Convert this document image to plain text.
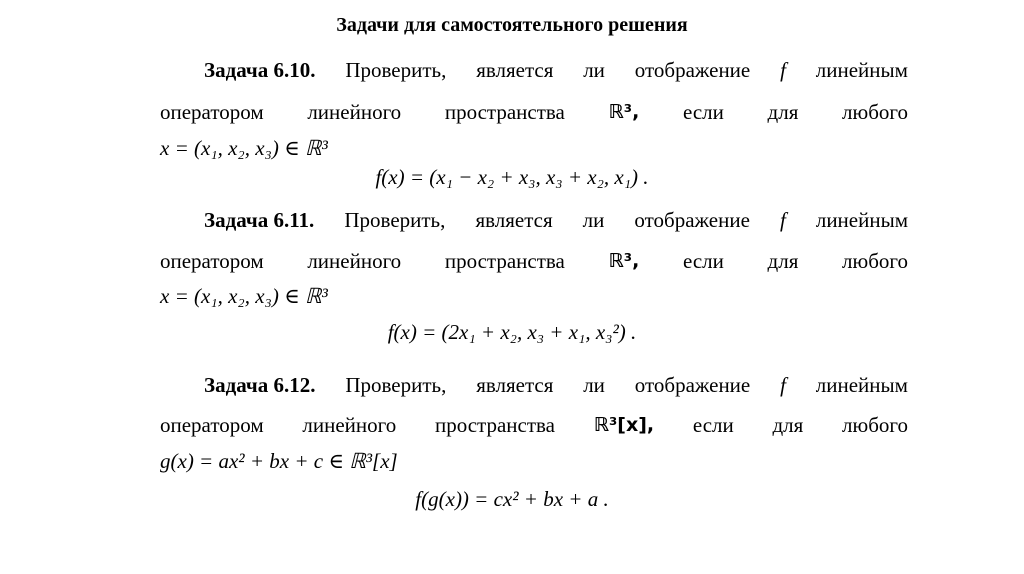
Задачи для самостоятельного решения
Задача 6.10. Проверить, является ли отображение f линейным
оператором линейного пространства ℝ³, если для любого
x = (x₁, x₂, x₃) ∈ ℝ³
f(x) = (x₁ − x₂ + x₃, x₃ + x₂, x₁) .
Задача 6.11. Проверить, является ли отображение f линейным
оператором линейного пространства ℝ³, если для любого
x = (x₁, x₂, x₃) ∈ ℝ³
f(x) = (2x₁ + x₂, x₃ + x₁, x₃²) .
Задача 6.12. Проверить, является ли отображение f линейным
оператором линейного пространства ℝ³[x], если для любого
g(x) = ax² + bx + c ∈ ℝ³[x]
f(g(x)) = cx² + bx + a .
